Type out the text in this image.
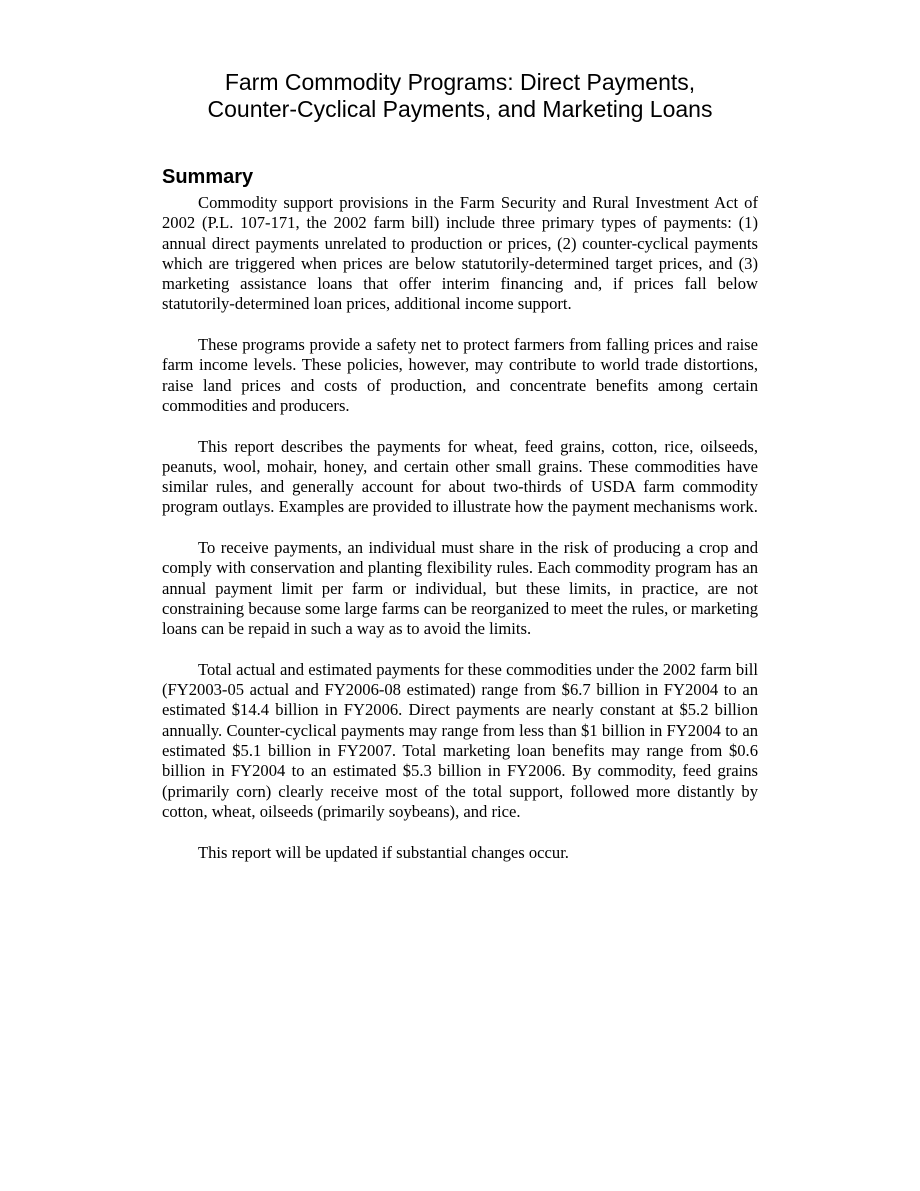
Farm Commodity Programs: Direct Payments,
Counter-Cyclical Payments, and Marketing Loans
Summary

Commodity support provisions in the Farm Security and Rural Investment Act of 2002 (P.L. 107-171, the 2002 farm bill) include three primary types of payments: (1) annual direct payments unrelated to production or prices, (2) counter-cyclical payments which are triggered when prices are below statutorily-determined target prices, and (3) marketing assistance loans that offer interim financing and, if prices fall below statutorily-determined loan prices, additional income support.

These programs provide a safety net to protect farmers from falling prices and raise farm income levels. These policies, however, may contribute to world trade distortions, raise land prices and costs of production, and concentrate benefits among certain commodities and producers.

This report describes the payments for wheat, feed grains, cotton, rice, oilseeds, peanuts, wool, mohair, honey, and certain other small grains. These commodities have similar rules, and generally account for about two-thirds of USDA farm commodity program outlays. Examples are provided to illustrate how the payment mechanisms work.

To receive payments, an individual must share in the risk of producing a crop and comply with conservation and planting flexibility rules. Each commodity program has an annual payment limit per farm or individual, but these limits, in practice, are not constraining because some large farms can be reorganized to meet the rules, or marketing loans can be repaid in such a way as to avoid the limits.

Total actual and estimated payments for these commodities under the 2002 farm bill (FY2003-05 actual and FY2006-08 estimated) range from $6.7 billion in FY2004 to an estimated $14.4 billion in FY2006. Direct payments are nearly constant at $5.2 billion annually. Counter-cyclical payments may range from less than $1 billion in FY2004 to an estimated $5.1 billion in FY2007. Total marketing loan benefits may range from $0.6 billion in FY2004 to an estimated $5.3 billion in FY2006. By commodity, feed grains (primarily corn) clearly receive most of the total support, followed more distantly by cotton, wheat, oilseeds (primarily soybeans), and rice.

This report will be updated if substantial changes occur.
